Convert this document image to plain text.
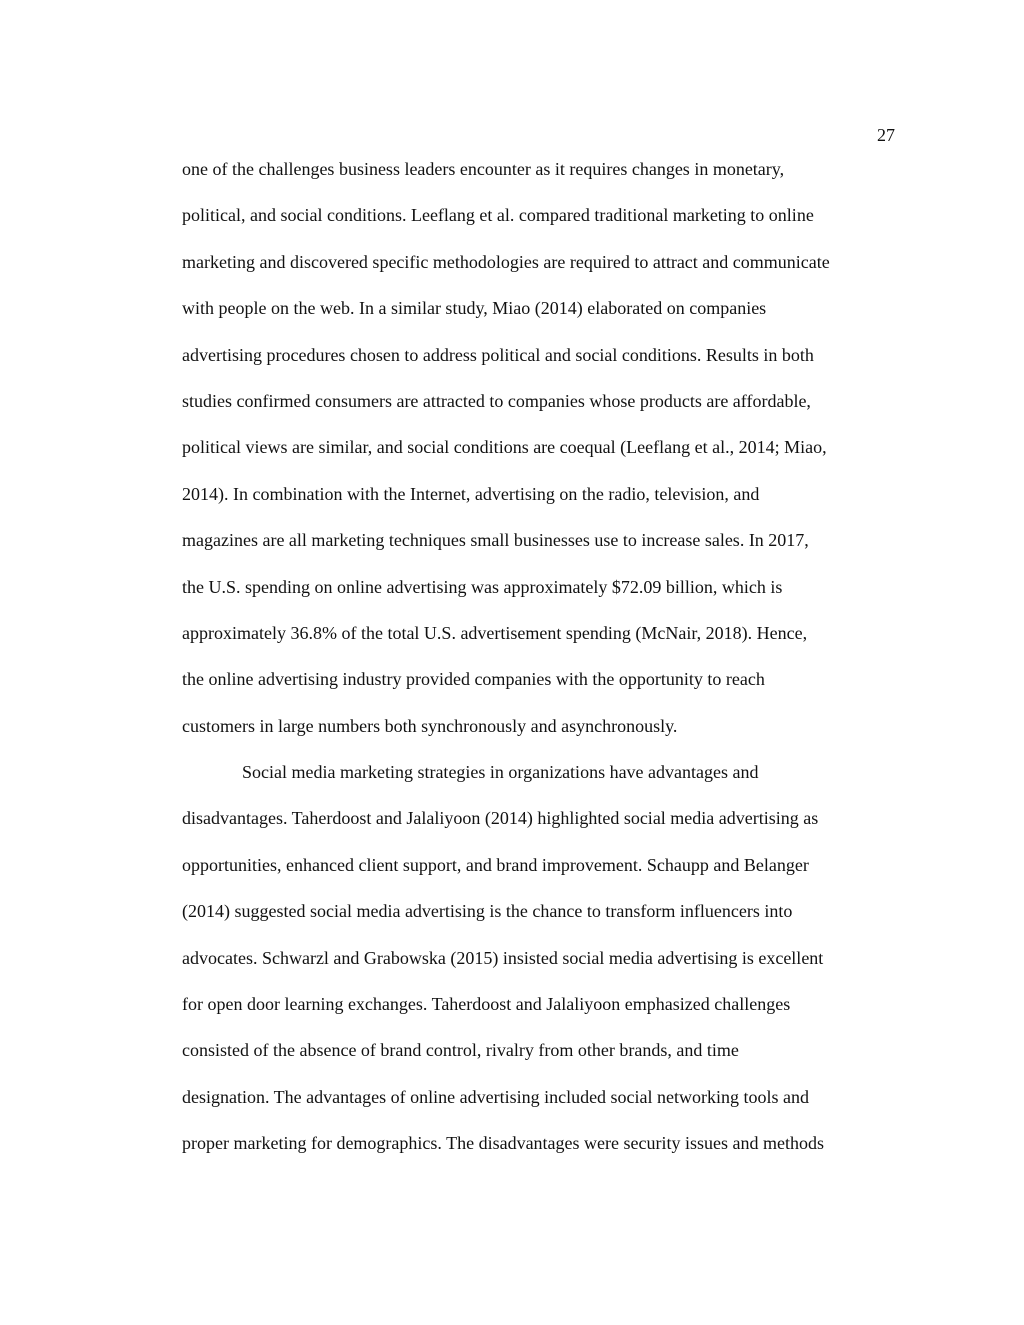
27
one of the challenges business leaders encounter as it requires changes in monetary,
political, and social conditions. Leeflang et al. compared traditional marketing to online
marketing and discovered specific methodologies are required to attract and communicate
with people on the web. In a similar study, Miao (2014) elaborated on companies
advertising procedures chosen to address political and social conditions. Results in both
studies confirmed consumers are attracted to companies whose products are affordable,
political views are similar, and social conditions are coequal (Leeflang et al., 2014; Miao,
2014). In combination with the Internet, advertising on the radio, television, and
magazines are all marketing techniques small businesses use to increase sales. In 2017,
the U.S. spending on online advertising was approximately $72.09 billion, which is
approximately 36.8% of the total U.S. advertisement spending (McNair, 2018). Hence,
the online advertising industry provided companies with the opportunity to reach
customers in large numbers both synchronously and asynchronously.
Social media marketing strategies in organizations have advantages and
disadvantages. Taherdoost and Jalaliyoon (2014) highlighted social media advertising as
opportunities, enhanced client support, and brand improvement. Schaupp and Belanger
(2014) suggested social media advertising is the chance to transform influencers into
advocates. Schwarzl and Grabowska (2015) insisted social media advertising is excellent
for open door learning exchanges. Taherdoost and Jalaliyoon emphasized challenges
consisted of the absence of brand control, rivalry from other brands, and time
designation. The advantages of online advertising included social networking tools and
proper marketing for demographics. The disadvantages were security issues and methods
